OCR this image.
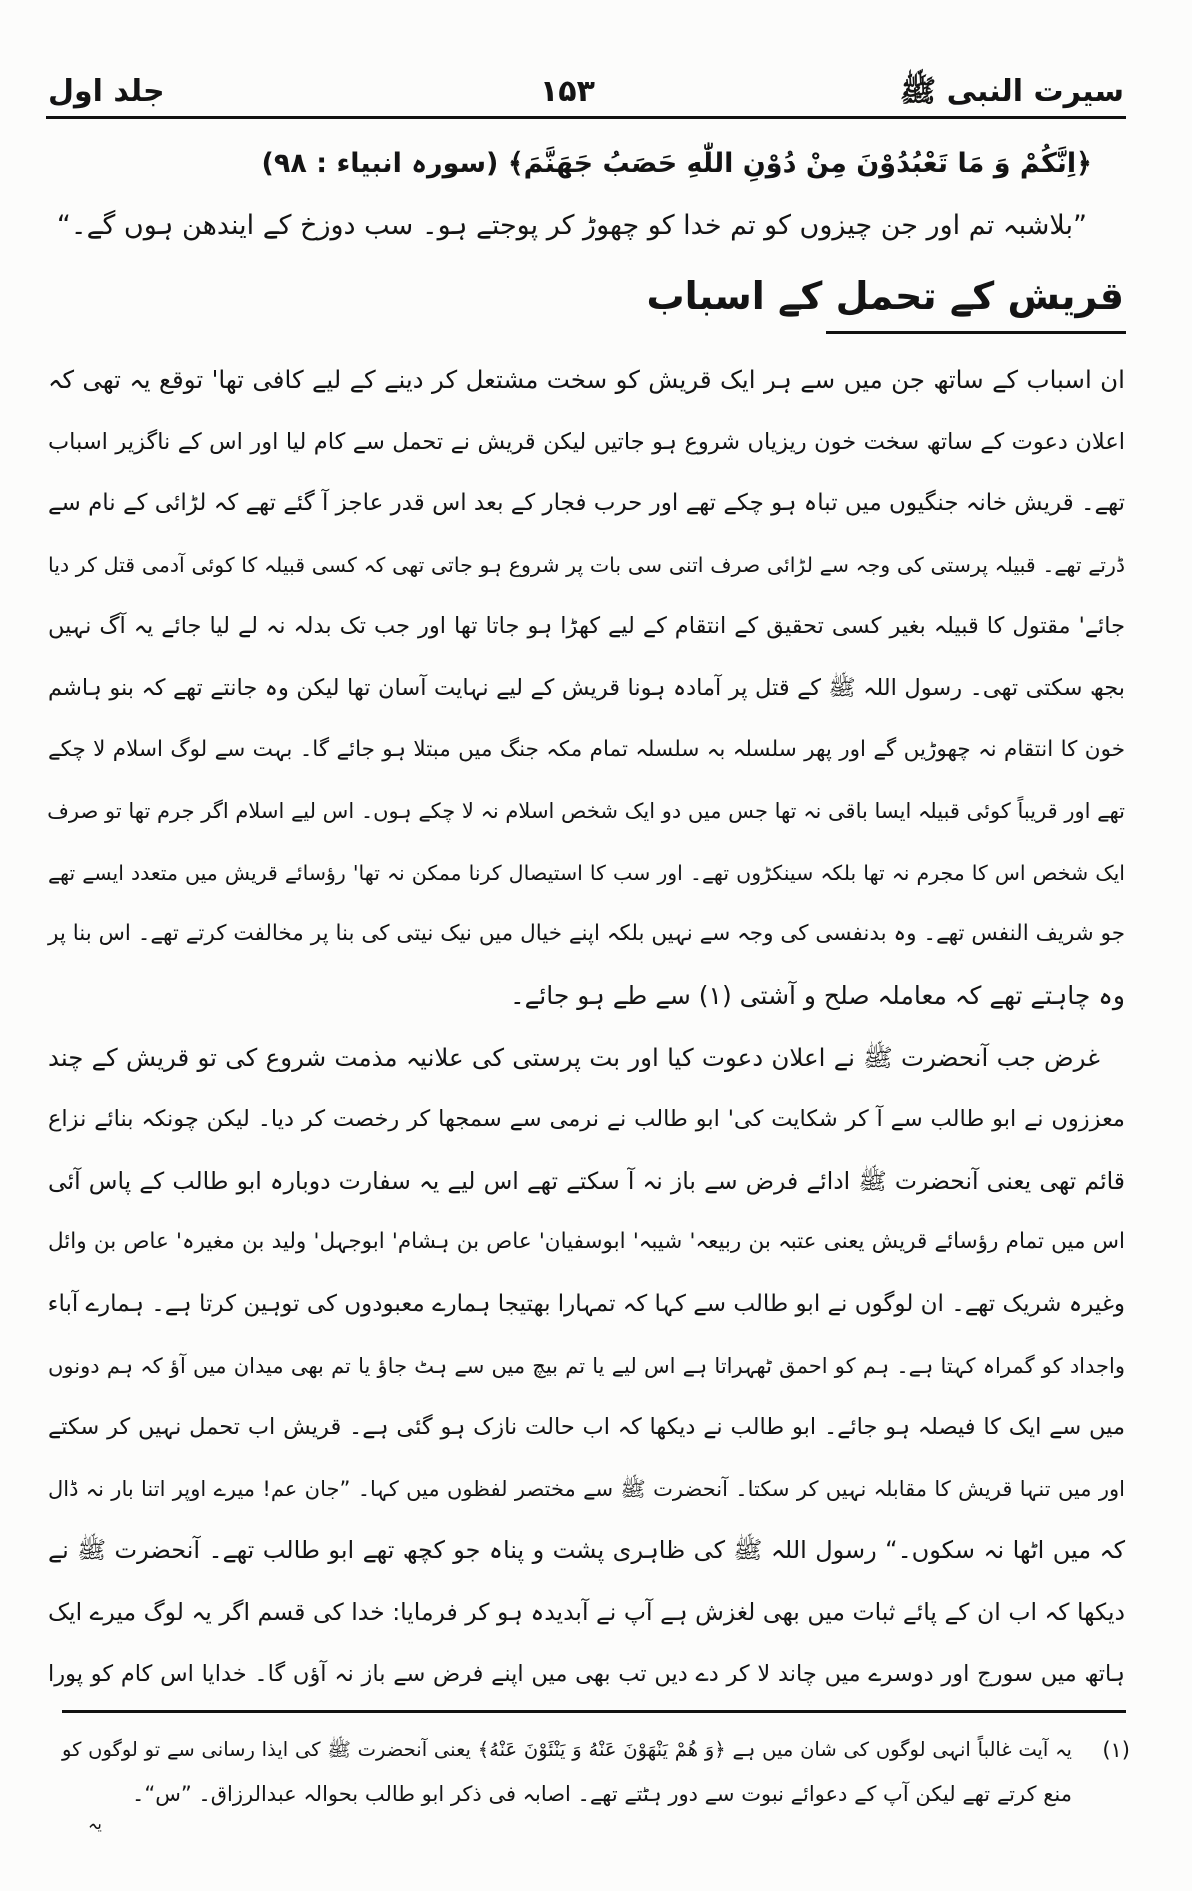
سیرت النبی ﷺ
۱۵۳
جلد اول
﴿اِنَّكُمْ وَ مَا تَعْبُدُوْنَ مِنْ دُوْنِ اللّٰهِ حَصَبُ جَهَنَّمَ﴾ (سورہ انبیاء : ۹۸)
”بلاشبہ تم اور جن چیزوں کو تم خدا کو چھوڑ کر پوجتے ہو۔ سب دوزخ کے ایندھن ہوں گے۔“
قریش کے تحمل کے اسباب
ان اسباب کے ساتھ جن میں سے ہر ایک قریش کو سخت مشتعل کر دینے کے لیے کافی تھا' توقع یہ تھی کہ
اعلان دعوت کے ساتھ سخت خون ریزیاں شروع ہو جاتیں لیکن قریش نے تحمل سے کام لیا اور اس کے ناگزیر اسباب
تھے۔ قریش خانہ جنگیوں میں تباہ ہو چکے تھے اور حرب فجار کے بعد اس قدر عاجز آ گئے تھے کہ لڑائی کے نام سے
ڈرتے تھے۔ قبیلہ پرستی کی وجہ سے لڑائی صرف اتنی سی بات پر شروع ہو جاتی تھی کہ کسی قبیلہ کا کوئی آدمی قتل کر دیا
جائے' مقتول کا قبیلہ بغیر کسی تحقیق کے انتقام کے لیے کھڑا ہو جاتا تھا اور جب تک بدلہ نہ لے لیا جائے یہ آگ نہیں
بجھ سکتی تھی۔ رسول اللہ ﷺ کے قتل پر آمادہ ہونا قریش کے لیے نہایت آسان تھا لیکن وہ جانتے تھے کہ بنو ہاشم
خون کا انتقام نہ چھوڑیں گے اور پھر سلسلہ بہ سلسلہ تمام مکہ جنگ میں مبتلا ہو جائے گا۔ بہت سے لوگ اسلام لا چکے
تھے اور قریباً کوئی قبیلہ ایسا باقی نہ تھا جس میں دو ایک شخص اسلام نہ لا چکے ہوں۔ اس لیے اسلام اگر جرم تھا تو صرف
ایک شخص اس کا مجرم نہ تھا بلکہ سینکڑوں تھے۔ اور سب کا استیصال کرنا ممکن نہ تھا' رؤسائے قریش میں متعدد ایسے تھے
جو شریف النفس تھے۔ وہ بدنفسی کی وجہ سے نہیں بلکہ اپنے خیال میں نیک نیتی کی بنا پر مخالفت کرتے تھے۔ اس بنا پر
وہ چاہتے تھے کہ معاملہ صلح و آشتی (۱) سے طے ہو جائے۔
غرض جب آنحضرت ﷺ نے اعلان دعوت کیا اور بت پرستی کی علانیہ مذمت شروع کی تو قریش کے چند
معززوں نے ابو طالب سے آ کر شکایت کی' ابو طالب نے نرمی سے سمجھا کر رخصت کر دیا۔ لیکن چونکہ بنائے نزاع
قائم تھی یعنی آنحضرت ﷺ ادائے فرض سے باز نہ آ سکتے تھے اس لیے یہ سفارت دوبارہ ابو طالب کے پاس آئی
اس میں تمام رؤسائے قریش یعنی عتبہ بن ربیعہ' شیبہ' ابوسفیان' عاص بن ہشام' ابوجہل' ولید بن مغیرہ' عاص بن وائل
وغیرہ شریک تھے۔ ان لوگوں نے ابو طالب سے کہا کہ تمہارا بھتیجا ہمارے معبودوں کی توہین کرتا ہے۔ ہمارے آباء
واجداد کو گمراہ کہتا ہے۔ ہم کو احمق ٹھہراتا ہے اس لیے یا تم بیچ میں سے ہٹ جاؤ یا تم بھی میدان میں آؤ کہ ہم دونوں
میں سے ایک کا فیصلہ ہو جائے۔ ابو طالب نے دیکھا کہ اب حالت نازک ہو گئی ہے۔ قریش اب تحمل نہیں کر سکتے
اور میں تنہا قریش کا مقابلہ نہیں کر سکتا۔ آنحضرت ﷺ سے مختصر لفظوں میں کہا۔ ”جان عم! میرے اوپر اتنا بار نہ ڈال
کہ میں اٹھا نہ سکوں۔“ رسول اللہ ﷺ کی ظاہری پشت و پناہ جو کچھ تھے ابو طالب تھے۔ آنحضرت ﷺ نے
دیکھا کہ اب ان کے پائے ثبات میں بھی لغزش ہے آپ نے آبدیدہ ہو کر فرمایا: خدا کی قسم اگر یہ لوگ میرے ایک
ہاتھ میں سورج اور دوسرے میں چاند لا کر دے دیں تب بھی میں اپنے فرض سے باز نہ آؤں گا۔ خدایا اس کام کو پورا
(۱)
یہ آیت غالباً انہی لوگوں کی شان میں ہے ﴿وَ هُمْ يَنْهَوْنَ عَنْهُ وَ يَنْئَوْنَ عَنْهُ﴾ یعنی آنحضرت ﷺ کی ایذا رسانی سے تو لوگوں کو
منع کرتے تھے لیکن آپ کے دعوائے نبوت سے دور ہٹتے تھے۔ اصابہ فی ذکر ابو طالب بحوالہ عبدالرزاق۔ ”س“۔
یہ
